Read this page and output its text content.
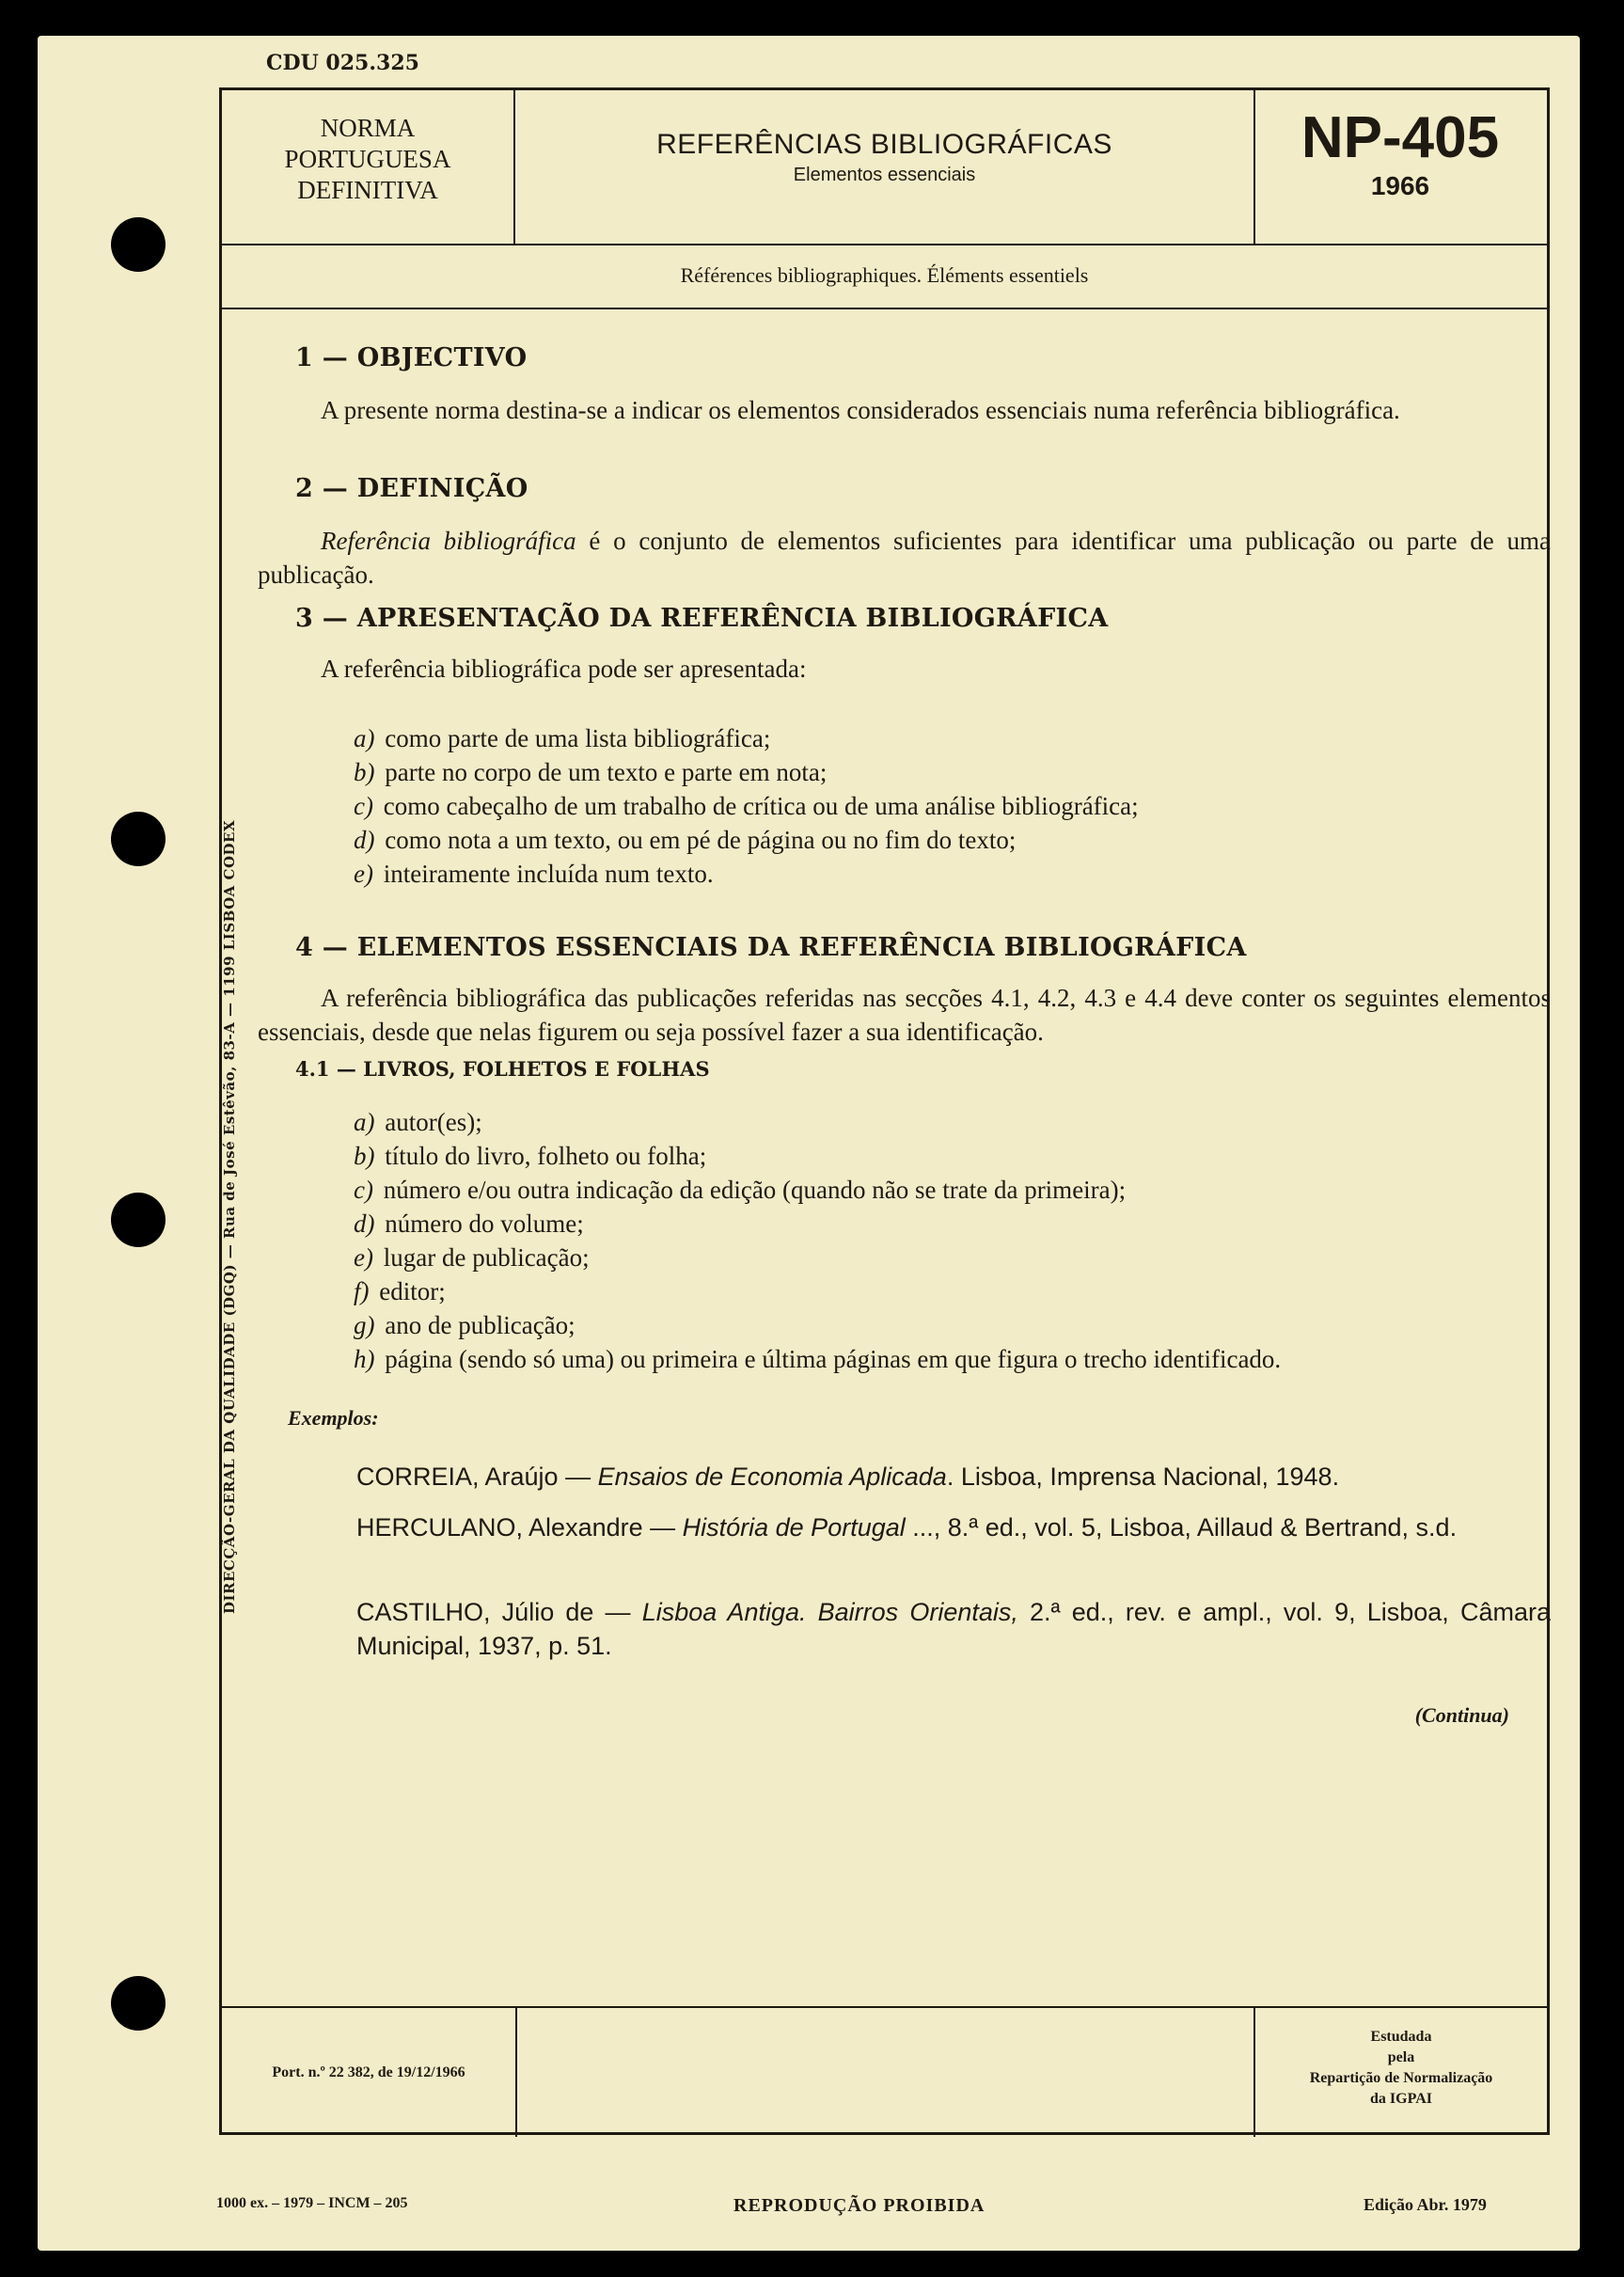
CDU 025.325
DIRECÇÃO-GERAL DA QUALIDADE (DGQ) — Rua de José Estêvão, 83-A — 1199 LISBOA CODEX
NORMA
PORTUGUESA
DEFINITIVA
REFERÊNCIAS BIBLIOGRÁFICAS
Elementos essenciais
NP-405
1966
Références bibliographiques. Éléments essentiels
1 — OBJECTIVO
A presente norma destina-se a indicar os elementos considerados essenciais numa referência bibliográfica.
2 — DEFINIÇÃO
Referência bibliográfica é o conjunto de elementos suficientes para identificar uma publicação ou parte de uma publicação.
3 — APRESENTAÇÃO DA REFERÊNCIA BIBLIOGRÁFICA
A referência bibliográfica pode ser apresentada:
a) como parte de uma lista bibliográfica;
b) parte no corpo de um texto e parte em nota;
c) como cabeçalho de um trabalho de crítica ou de uma análise bibliográfica;
d) como nota a um texto, ou em pé de página ou no fim do texto;
e) inteiramente incluída num texto.
4 — ELEMENTOS ESSENCIAIS DA REFERÊNCIA BIBLIOGRÁFICA
A referência bibliográfica das publicações referidas nas secções 4.1, 4.2, 4.3 e 4.4 deve conter os seguintes elementos essenciais, desde que nelas figurem ou seja possível fazer a sua identificação.
4.1 — LIVROS, FOLHETOS E FOLHAS
a) autor(es);
b) título do livro, folheto ou folha;
c) número e/ou outra indicação da edição (quando não se trate da primeira);
d) número do volume;
e) lugar de publicação;
f) editor;
g) ano de publicação;
h) página (sendo só uma) ou primeira e última páginas em que figura o trecho identificado.
Exemplos:
CORREIA, Araújo — Ensaios de Economia Aplicada. Lisboa, Imprensa Nacional, 1948.
HERCULANO, Alexandre — História de Portugal ..., 8.ª ed., vol. 5, Lisboa, Aillaud & Bertrand, s.d.
CASTILHO, Júlio de — Lisboa Antiga. Bairros Orientais, 2.ª ed., rev. e ampl., vol. 9, Lisboa, Câmara Municipal, 1937, p. 51.
(Continua)
Port. n.º 22 382, de 19/12/1966
Estudada
pela
Repartição de Normalização
da IGPAI
1000 ex. – 1979 – INCM – 205	REPRODUÇÃO PROIBIDA	Edição Abr. 1979
